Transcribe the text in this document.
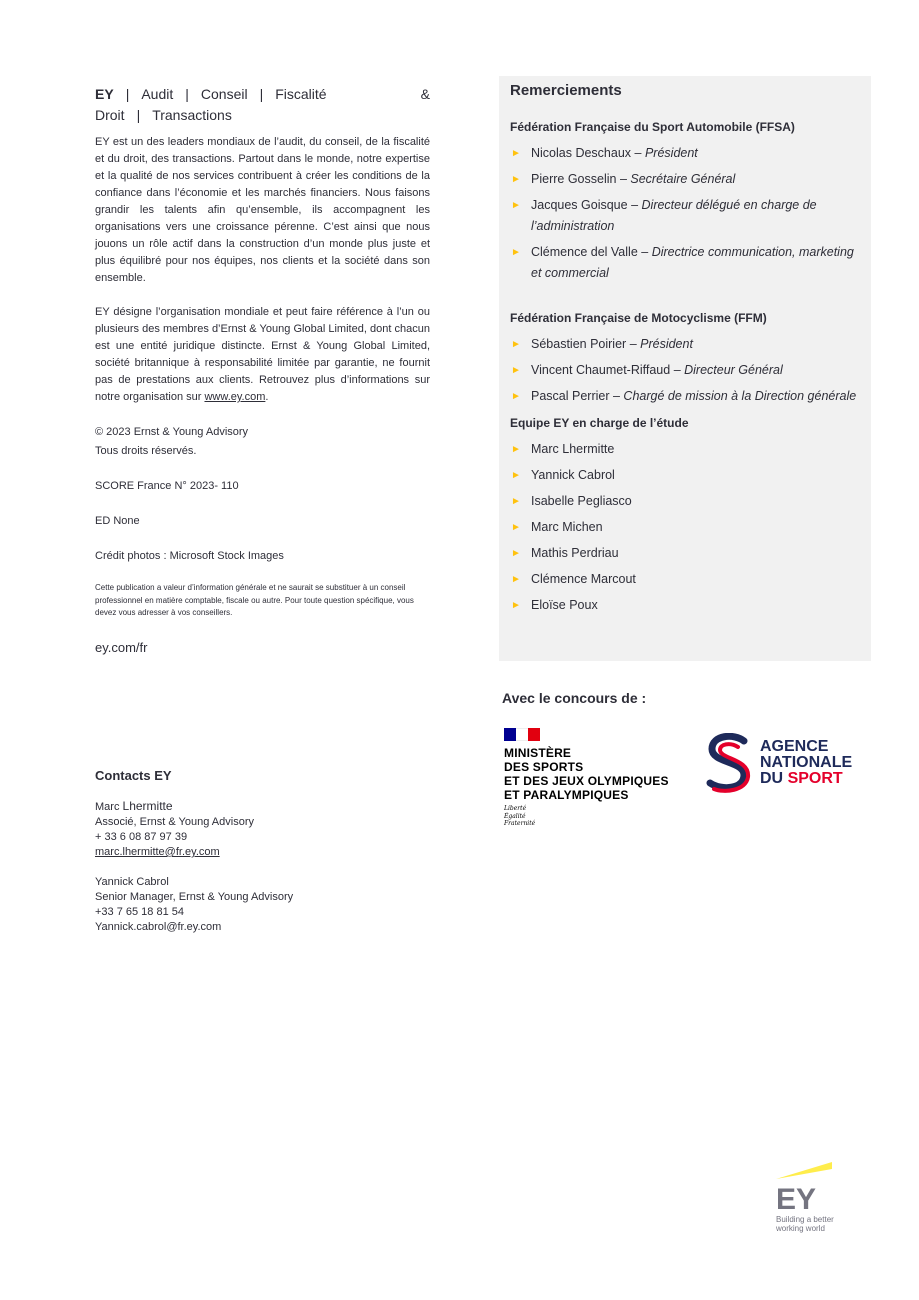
EY | Audit | Conseil | Fiscalité & Droit | Transactions

EY est un des leaders mondiaux de l’audit, du conseil, de la fiscalité et du droit, des transactions. Partout dans le monde, notre expertise et la qualité de nos services contribuent à créer les conditions de la confiance dans l’économie et les marchés financiers. Nous faisons grandir les talents afin qu’ensemble, ils accompagnent les organisations vers une croissance pérenne. C’est ainsi que nous jouons un rôle actif dans la construction d’un monde plus juste et plus équilibré pour nos équipes, nos clients et la société dans son ensemble.

EY désigne l’organisation mondiale et peut faire référence à l’un ou plusieurs des membres d’Ernst & Young Global Limited, dont chacun est une entité juridique distincte. Ernst & Young Global Limited, société britannique à responsabilité limitée par garantie, ne fournit pas de prestations aux clients. Retrouvez plus d’informations sur notre organisation sur www.ey.com.

© 2023 Ernst & Young Advisory

Tous droits réservés.

SCORE France N° 2023- 110

ED None

Crédit photos : Microsoft Stock Images

Cette publication a valeur d’information générale et ne saurait se substituer à un conseil professionnel en matière comptable, fiscale ou autre. Pour toute question spécifique, vous devez vous adresser à vos conseillers.

ey.com/fr

Contacts EY
Marc Lhermitte
Associé, Ernst & Young Advisory
+ 33 6 08 87 97 39
marc.lhermitte@fr.ey.com
Yannick Cabrol
Senior Manager, Ernst & Young Advisory
+33 7 65 18 81 54
Yannick.cabrol@fr.ey.com
Remerciements
Fédération Française du Sport Automobile (FFSA)
► Nicolas Deschaux – Président
► Pierre Gosselin – Secrétaire Général
► Jacques Goisque – Directeur délégué en charge de l’administration
► Clémence del Valle – Directrice communication, marketing et commercial
Fédération Française de Motocyclisme (FFM)
► Sébastien Poirier – Président
► Vincent Chaumet-Riffaud – Directeur Général
► Pascal Perrier – Chargé de mission à la Direction générale
Equipe EY en charge de l’étude
► Marc Lhermitte
► Yannick Cabrol
► Isabelle Pegliasco
► Marc Michen
► Mathis Perdriau
► Clémence Marcout
► Eloïse Poux
Avec le concours de :
MINISTÈRE
DES SPORTS
ET DES JEUX OLYMPIQUES
ET PARALYMPIQUES
Liberté
Égalité
Fraternité
AGENCE
NATIONALE
DU SPORT
EY
Building a better
working world
